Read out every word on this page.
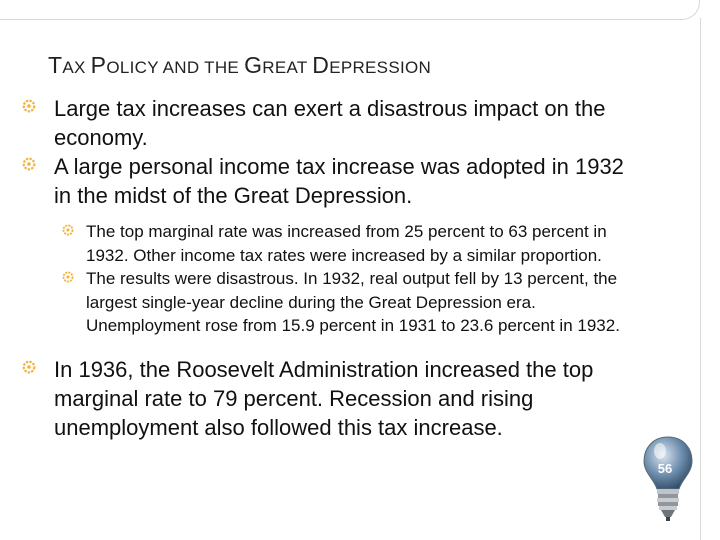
TAX POLICY AND THE GREAT DEPRESSION
Large tax increases can exert a disastrous impact on the economy.
A large personal income tax increase was adopted in 1932 in the midst of the Great Depression.
The top marginal rate was increased from 25 percent to 63 percent in 1932. Other income tax rates were increased by a similar proportion.
The results were disastrous. In 1932, real output fell by 13 percent, the largest single-year decline during the Great Depression era. Unemployment rose from 15.9 percent in 1931 to 23.6 percent in 1932.
In 1936, the Roosevelt Administration increased the top marginal rate to 79 percent. Recession and rising unemployment also followed this tax increase.
56
